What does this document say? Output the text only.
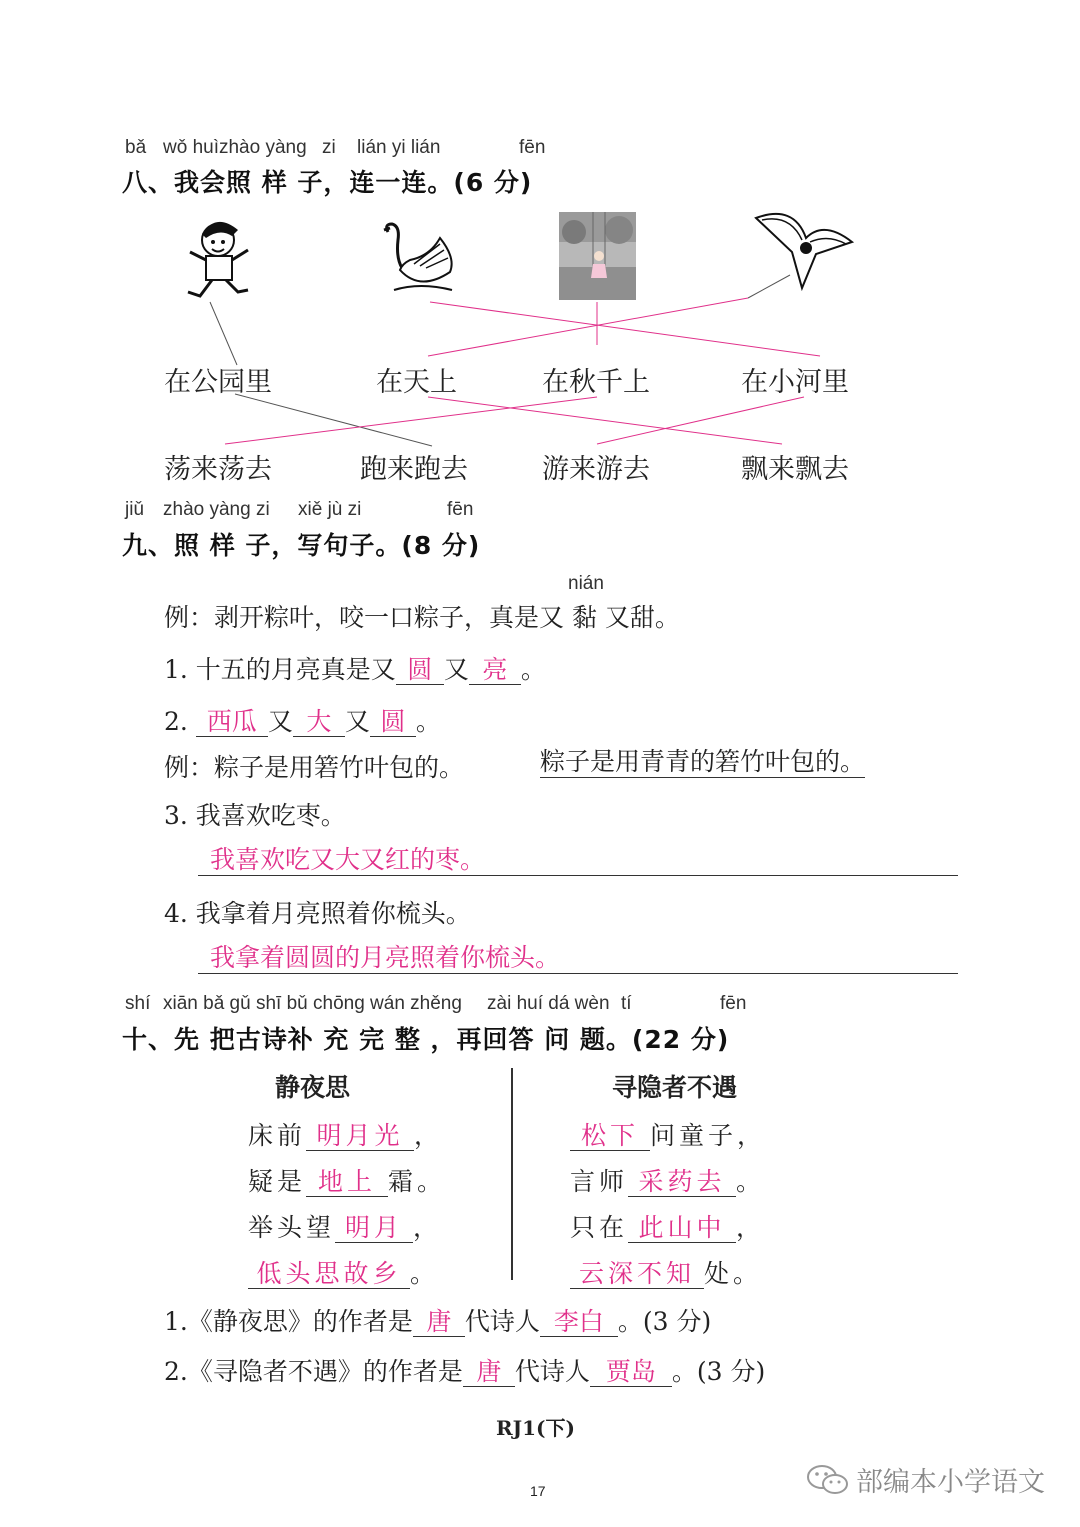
bǎ wǒ huìzhào yàng zi lián yi lián	fēn
八、我会照 样 子，连一连。(6 分)
在公园里	在天上	在秋千上	在小河里
荡来荡去	跑来跑去	游来游去	飘来飘去
jiǔ zhào yàng zi xiě jù zi	fēn
九、照 样 子，写句子。(8 分)
nián
例：剥开粽叶，咬一口粽子，真是又 黏 又甜。
1. 十五的月亮真是又 圆 又 亮 。
2. 西瓜 又 大 又 圆 。
例：粽子是用箬竹叶包的。	粽子是用青青的箬竹叶包的。
3. 我喜欢吃枣。
我喜欢吃又大又红的枣。
4. 我拿着月亮照着你梳头。
我拿着圆圆的月亮照着你梳头。
shí xiān bǎ gǔ shī bǔ chōng wán zhěng zài huí dá wèn tí	fēn
十、先 把古诗补 充 完 整 ，再回答 问 题。(22 分)
静夜思
床前 明月光 ，
疑是 地上 霜。
举头望 明月 ，
低头思故乡 。
寻隐者不遇
松下 问童子，
言师 采药去 。
只在 此山中 ，
云深不知 处。
1.《静夜思》的作者是 唐 代诗人 李白 。(3 分)
2.《寻隐者不遇》的作者是 唐 代诗人 贾岛 。(3 分)
RJ1(下)
17	部编本小学语文
